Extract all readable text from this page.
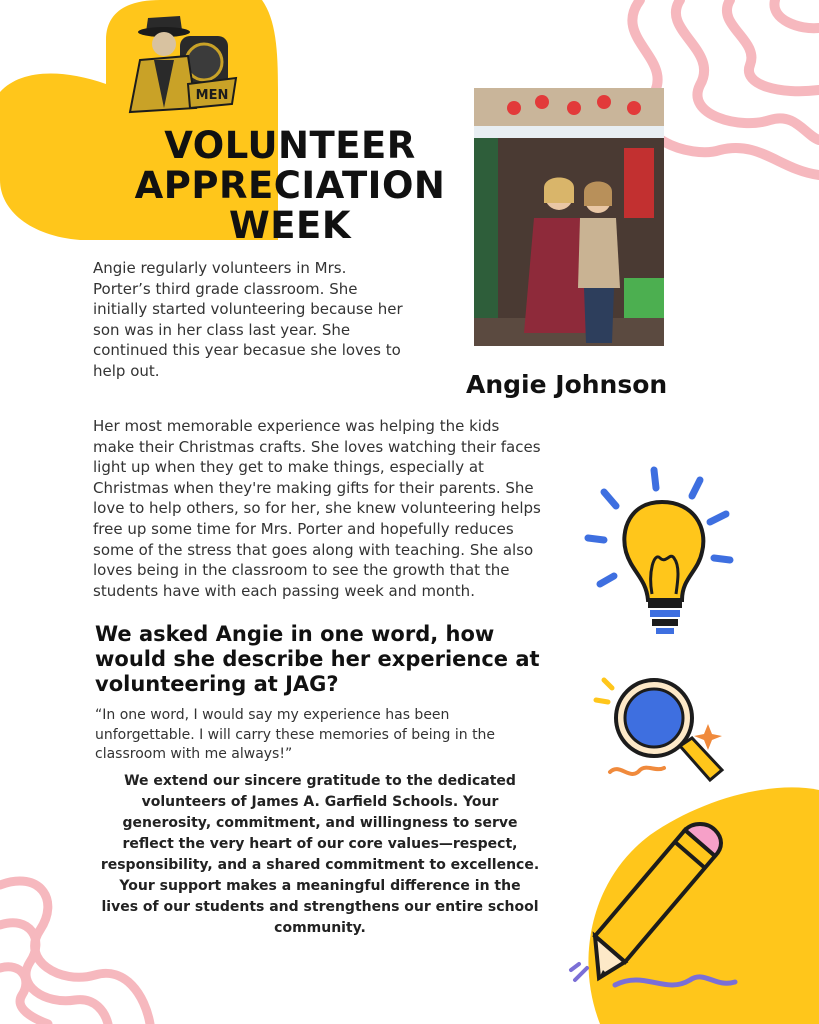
MEN
VOLUNTEER APPRECIATION WEEK
Angie Johnson
Angie regularly volunteers in Mrs. Porter’s third grade classroom. She initially started volunteering because her son was in her class last year. She continued this year becasue she loves to help out.
Her most memorable experience was helping the kids make their Christmas crafts. She loves watching their faces light up when they get to make things, especially at Christmas when they're making gifts for their parents. She love to help others, so for her, she knew volunteering helps free up some time for Mrs. Porter and hopefully reduces some of the stress that goes along with teaching. She also loves being in the classroom to see the growth that the students have with each passing week and month.
We asked Angie in one word, how would she describe her experience at volunteering at JAG?
“In one word, I would say my experience has been unforgettable. I will carry these memories of being in the classroom with me always!”
We extend our sincere gratitude to the dedicated volunteers of James A. Garfield Schools. Your generosity, commitment, and willingness to serve reflect the very heart of our core values—respect, responsibility, and a shared commitment to excellence. Your support makes a meaningful difference in the lives of our students and strengthens our entire school community.
